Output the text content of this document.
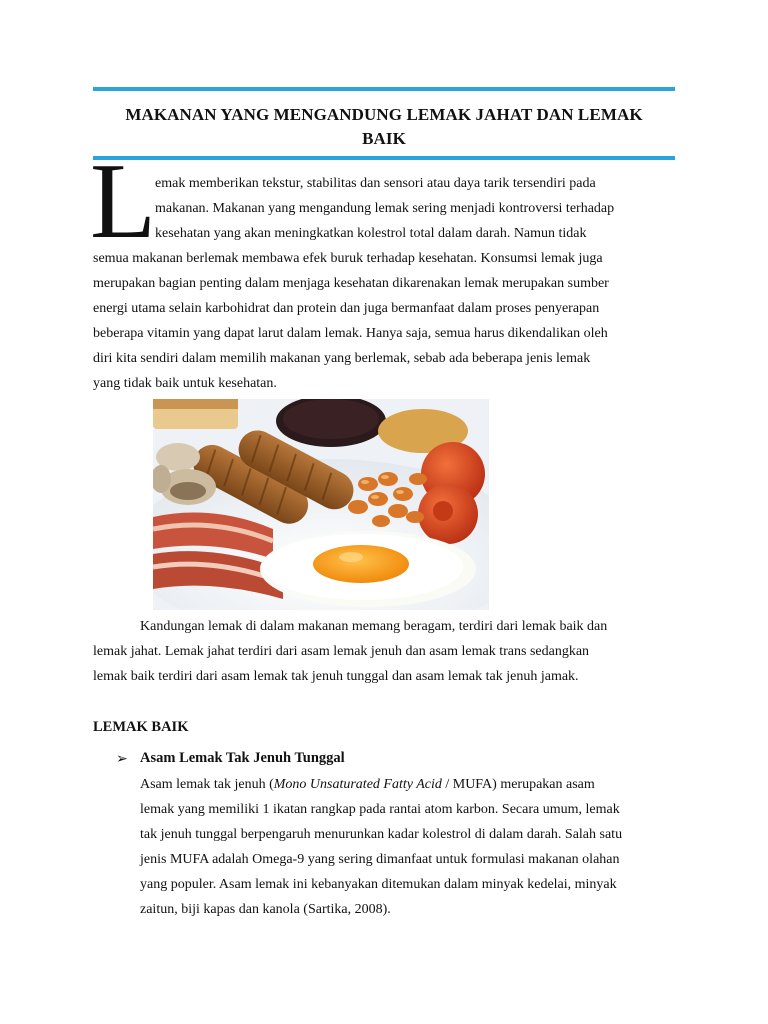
MAKANAN YANG MENGANDUNG LEMAK JAHAT DAN LEMAK
BAIK
L emak memberikan tekstur, stabilitas dan sensori atau daya tarik tersendiri pada
makanan. Makanan yang mengandung lemak sering menjadi kontroversi terhadap
kesehatan yang akan meningkatkan kolestrol total dalam darah. Namun tidak
semua makanan berlemak membawa efek buruk terhadap kesehatan. Konsumsi lemak juga
merupakan bagian penting dalam menjaga kesehatan dikarenakan lemak merupakan sumber
energi utama selain karbohidrat dan protein dan juga bermanfaat dalam proses penyerapan
beberapa vitamin yang dapat larut dalam lemak. Hanya saja, semua harus dikendalikan oleh
diri kita sendiri dalam memilih makanan yang berlemak, sebab ada beberapa jenis lemak
yang tidak baik untuk kesehatan.
Kandungan lemak di dalam makanan memang beragam, terdiri dari lemak baik dan
lemak jahat. Lemak jahat terdiri dari asam lemak jenuh dan asam lemak trans sedangkan
lemak baik terdiri dari asam lemak tak jenuh tunggal dan asam lemak tak jenuh jamak.
LEMAK BAIK
➢ Asam Lemak Tak Jenuh Tunggal
Asam lemak tak jenuh (Mono Unsaturated Fatty Acid / MUFA) merupakan asam
lemak yang memiliki 1 ikatan rangkap pada rantai atom karbon. Secara umum, lemak
tak jenuh tunggal berpengaruh menurunkan kadar kolestrol di dalam darah. Salah satu
jenis MUFA adalah Omega-9 yang sering dimanfaat untuk formulasi makanan olahan
yang populer. Asam lemak ini kebanyakan ditemukan dalam minyak kedelai, minyak
zaitun, biji kapas dan kanola (Sartika, 2008).
